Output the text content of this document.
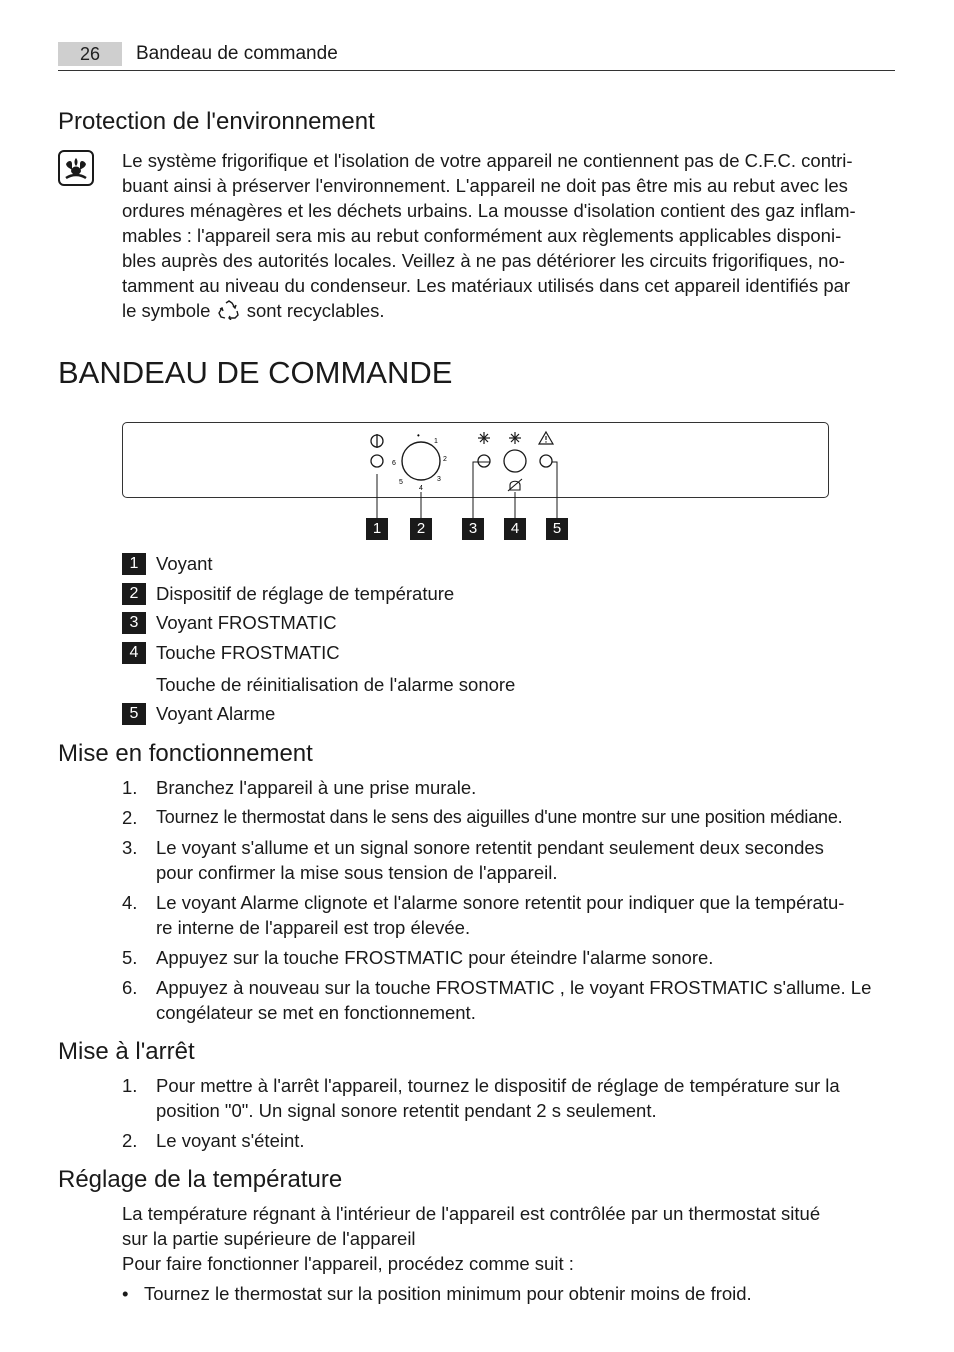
26	Bandeau de commande
Protection de l'environnement
Le système frigorifique et l'isolation de votre appareil ne contiennent pas de C.F.C. contri-
buant ainsi à préserver l'environnement. L'appareil ne doit pas être mis au rebut avec les
ordures ménagères et les déchets urbains. La mousse d'isolation contient des gaz inflam-
mables : l'appareil sera mis au rebut conformément aux règlements applicables disponi-
bles auprès des autorités locales. Veillez à ne pas détériorer les circuits frigorifiques, no-
tamment au niveau du condenseur. Les matériaux utilisés dans cet appareil identifiés par
le symbole sont recyclables.
BANDEAU DE COMMANDE
•
1
2
3
4
5
6
1	2	3	4	5
1 Voyant
2 Dispositif de réglage de température
3 Voyant FROSTMATIC
4 Touche FROSTMATIC
Touche de réinitialisation de l'alarme sonore
5 Voyant Alarme
Mise en fonctionnement
1. Branchez l'appareil à une prise murale.
2. Tournez le thermostat dans le sens des aiguilles d'une montre sur une position médiane.
3. Le voyant s'allume et un signal sonore retentit pendant seulement deux secondes
pour confirmer la mise sous tension de l'appareil.
4. Le voyant Alarme clignote et l'alarme sonore retentit pour indiquer que la températu-
re interne de l'appareil est trop élevée.
5. Appuyez sur la touche FROSTMATIC pour éteindre l'alarme sonore.
6. Appuyez à nouveau sur la touche FROSTMATIC , le voyant FROSTMATIC s'allume. Le
congélateur se met en fonctionnement.
Mise à l'arrêt
1. Pour mettre à l'arrêt l'appareil, tournez le dispositif de réglage de température sur la
position "0". Un signal sonore retentit pendant 2 s seulement.
2. Le voyant s'éteint.
Réglage de la température
La température régnant à l'intérieur de l'appareil est contrôlée par un thermostat situé
sur la partie supérieure de l'appareil
Pour faire fonctionner l'appareil, procédez comme suit :
• Tournez le thermostat sur la position minimum pour obtenir moins de froid.
